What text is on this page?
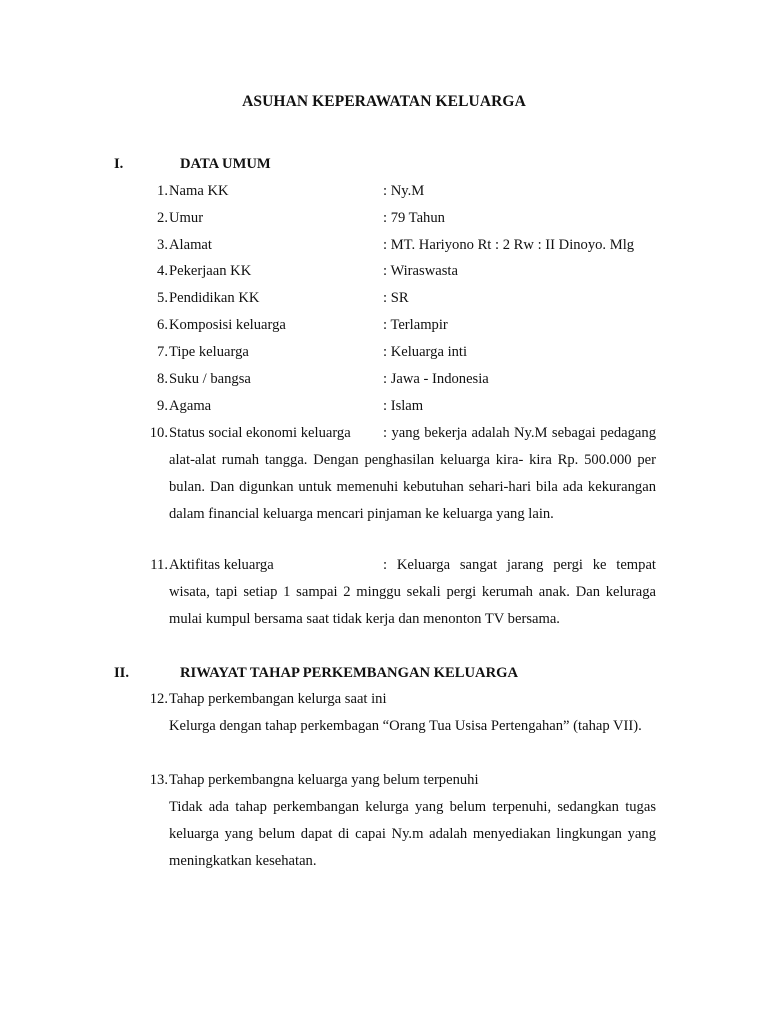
ASUHAN KEPERAWATAN KELUARGA
I.	DATA UMUM
1. Nama KK	: Ny.M
2. Umur	: 79 Tahun
3. Alamat	: MT. Hariyono Rt : 2 Rw : II Dinoyo. Mlg
4. Pekerjaan KK	: Wiraswasta
5. Pendidikan KK	: SR
6. Komposisi keluarga	: Terlampir
7. Tipe keluarga	: Keluarga inti
8. Suku / bangsa	: Jawa - Indonesia
9. Agama	: Islam
10. Status social ekonomi keluarga : yang bekerja adalah Ny.M sebagai pedagang alat-alat rumah tangga. Dengan penghasilan keluarga kira- kira Rp. 500.000 per bulan. Dan digunkan untuk memenuhi kebutuhan sehari-hari bila ada kekurangan dalam financial keluarga mencari pinjaman ke keluarga yang lain.
11. Aktifitas keluarga	: Keluarga sangat jarang pergi ke tempat wisata, tapi setiap 1 sampai 2 minggu sekali pergi kerumah anak. Dan keluraga mulai kumpul bersama saat tidak kerja dan menonton TV bersama.
II.	RIWAYAT TAHAP PERKEMBANGAN KELUARGA
12. Tahap perkembangan kelurga saat ini
Kelurga dengan tahap perkembagan “Orang Tua Usisa Pertengahan” (tahap VII).
13. Tahap perkembangna keluarga yang belum terpenuhi
Tidak ada tahap perkembangan kelurga yang belum terpenuhi, sedangkan tugas keluarga yang belum dapat di capai Ny.m adalah menyediakan lingkungan yang meningkatkan kesehatan.
